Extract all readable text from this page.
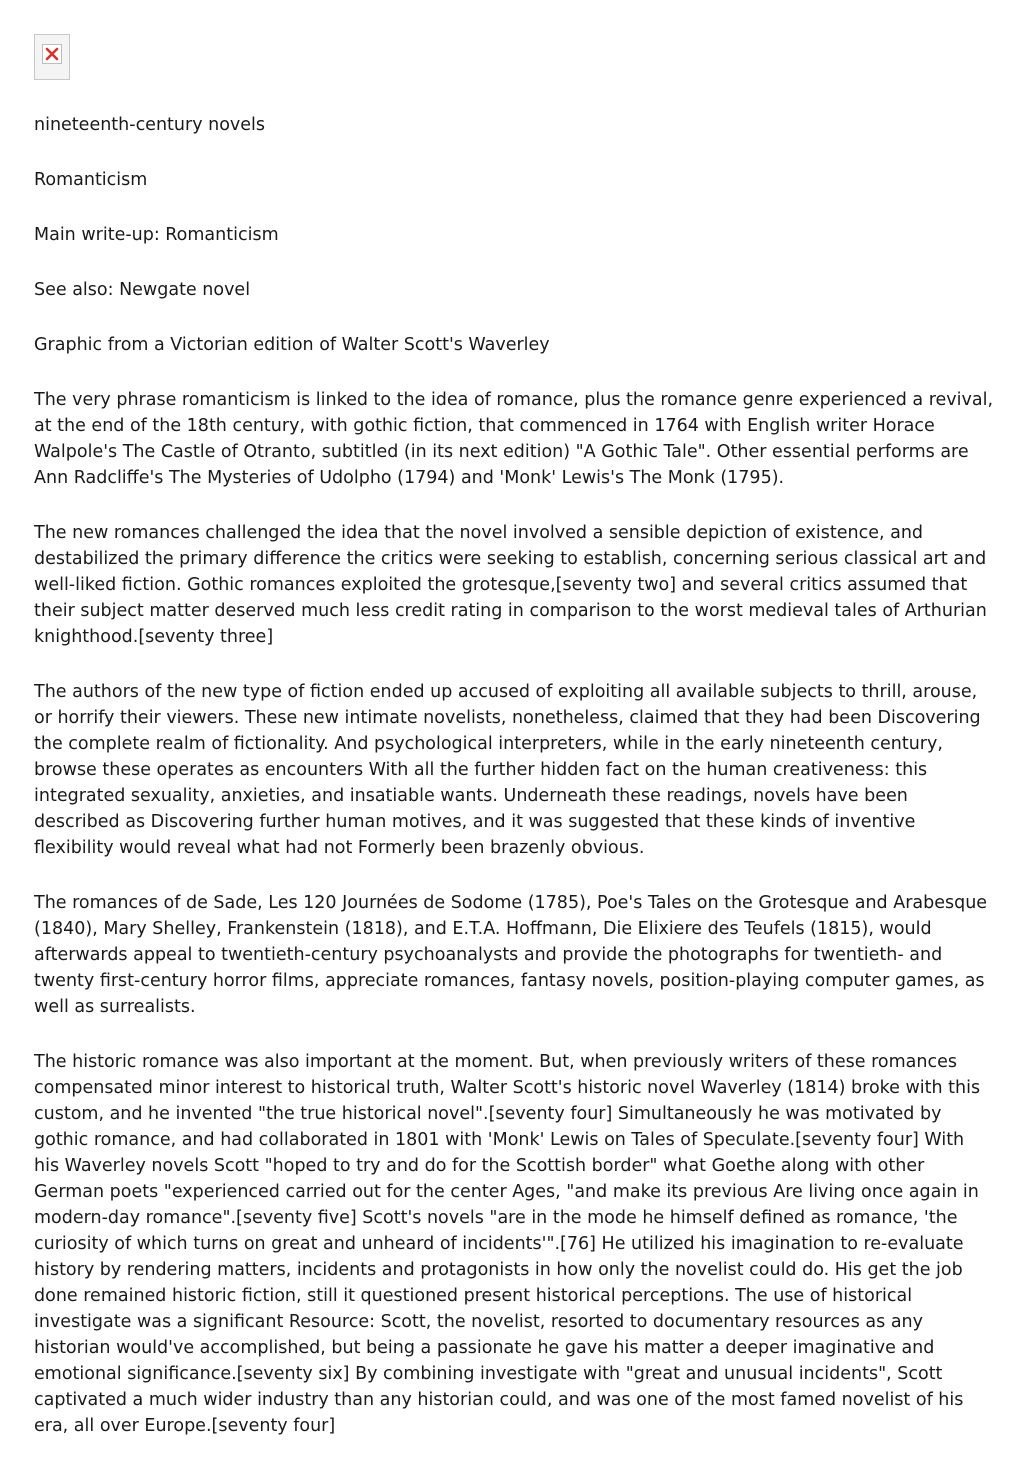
nineteenth-century novels

Romanticism

Main write-up: Romanticism

See also: Newgate novel

Graphic from a Victorian edition of Walter Scott's Waverley

The very phrase romanticism is linked to the idea of romance, plus the romance genre experienced a revival, at the end of the 18th century, with gothic fiction, that commenced in 1764 with English writer Horace Walpole's The Castle of Otranto, subtitled (in its next edition) "A Gothic Tale". Other essential performs are Ann Radcliffe's The Mysteries of Udolpho (1794) and 'Monk' Lewis's The Monk (1795).

The new romances challenged the idea that the novel involved a sensible depiction of existence, and destabilized the primary difference the critics were seeking to establish, concerning serious classical art and well-liked fiction. Gothic romances exploited the grotesque,[seventy two] and several critics assumed that their subject matter deserved much less credit rating in comparison to the worst medieval tales of Arthurian knighthood.[seventy three]

The authors of the new type of fiction ended up accused of exploiting all available subjects to thrill, arouse, or horrify their viewers. These new intimate novelists, nonetheless, claimed that they had been Discovering the complete realm of fictionality. And psychological interpreters, while in the early nineteenth century, browse these operates as encounters With all the further hidden fact on the human creativeness: this integrated sexuality, anxieties, and insatiable wants. Underneath these readings, novels have been described as Discovering further human motives, and it was suggested that these kinds of inventive flexibility would reveal what had not Formerly been brazenly obvious.

The romances of de Sade, Les 120 Journées de Sodome (1785), Poe's Tales on the Grotesque and Arabesque (1840), Mary Shelley, Frankenstein (1818), and E.T.A. Hoffmann, Die Elixiere des Teufels (1815), would afterwards appeal to twentieth-century psychoanalysts and provide the photographs for twentieth- and twenty first-century horror films, appreciate romances, fantasy novels, position-playing computer games, as well as surrealists.

The historic romance was also important at the moment. But, when previously writers of these romances compensated minor interest to historical truth, Walter Scott's historic novel Waverley (1814) broke with this custom, and he invented "the true historical novel".[seventy four] Simultaneously he was motivated by gothic romance, and had collaborated in 1801 with 'Monk' Lewis on Tales of Speculate.[seventy four] With his Waverley novels Scott "hoped to try and do for the Scottish border" what Goethe along with other German poets "experienced carried out for the center Ages, "and make its previous Are living once again in modern-day romance".[seventy five] Scott's novels "are in the mode he himself defined as romance, 'the curiosity of which turns on great and unheard of incidents'".[76] He utilized his imagination to re-evaluate history by rendering matters, incidents and protagonists in how only the novelist could do. His get the job done remained historic fiction, still it questioned present historical perceptions. The use of historical investigate was a significant Resource: Scott, the novelist, resorted to documentary resources as any historian would've accomplished, but being a passionate he gave his matter a deeper imaginative and emotional significance.[seventy six] By combining investigate with "great and unusual incidents", Scott captivated a much wider industry than any historian could, and was one of the most famed novelist of his era, all over Europe.[seventy four]
